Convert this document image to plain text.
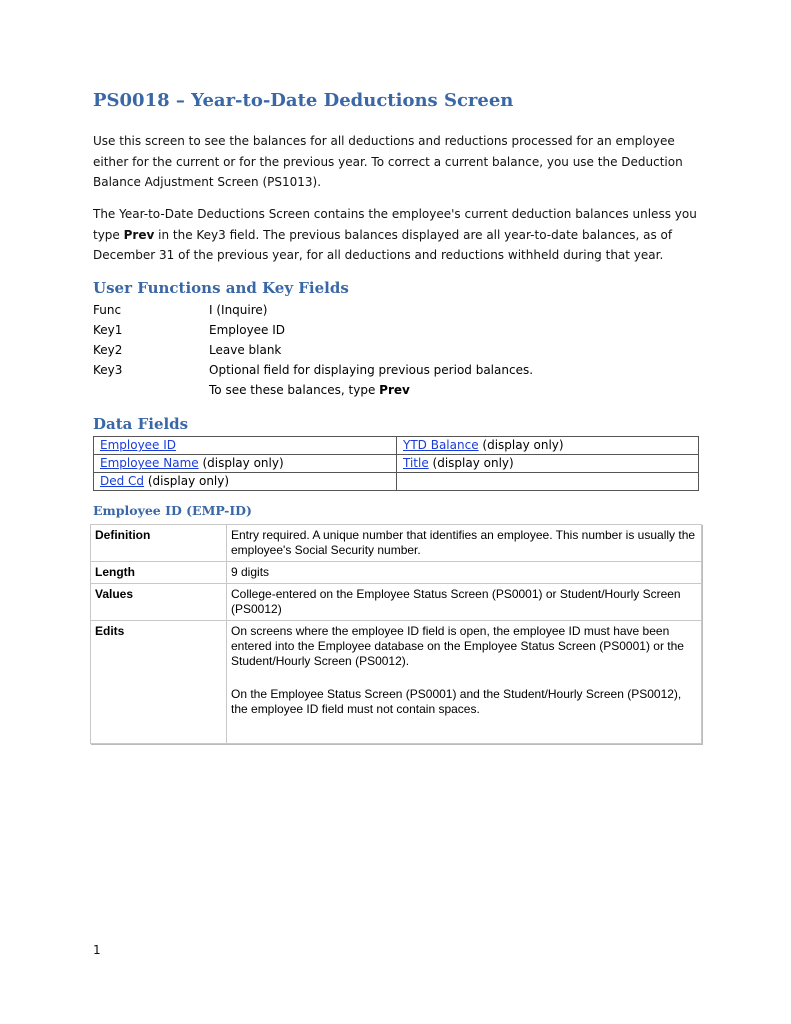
PS0018 – Year-to-Date Deductions Screen
Use this screen to see the balances for all deductions and reductions processed for an employee either for the current or for the previous year. To correct a current balance, you use the Deduction Balance Adjustment Screen (PS1013).
The Year-to-Date Deductions Screen contains the employee's current deduction balances unless you type Prev in the Key3 field. The previous balances displayed are all year-to-date balances, as of December 31 of the previous year, for all deductions and reductions withheld during that year.
User Functions and Key Fields
Func	I (Inquire)
Key1	Employee ID
Key2	Leave blank
Key3	Optional field for displaying previous period balances.
To see these balances, type Prev
Data Fields
Employee ID	YTD Balance (display only)
Employee Name (display only)	Title (display only)
Ded Cd (display only)	
Employee ID (EMP-ID)
Definition	Entry required. A unique number that identifies an employee. This number is usually the employee's Social Security number.
Length	9 digits
Values	College-entered on the Employee Status Screen (PS0001) or Student/Hourly Screen (PS0012)
Edits	On screens where the employee ID field is open, the employee ID must have been entered into the Employee database on the Employee Status Screen (PS0001) or the Student/Hourly Screen (PS0012).

On the Employee Status Screen (PS0001) and the Student/Hourly Screen (PS0012), the employee ID field must not contain spaces.

1
